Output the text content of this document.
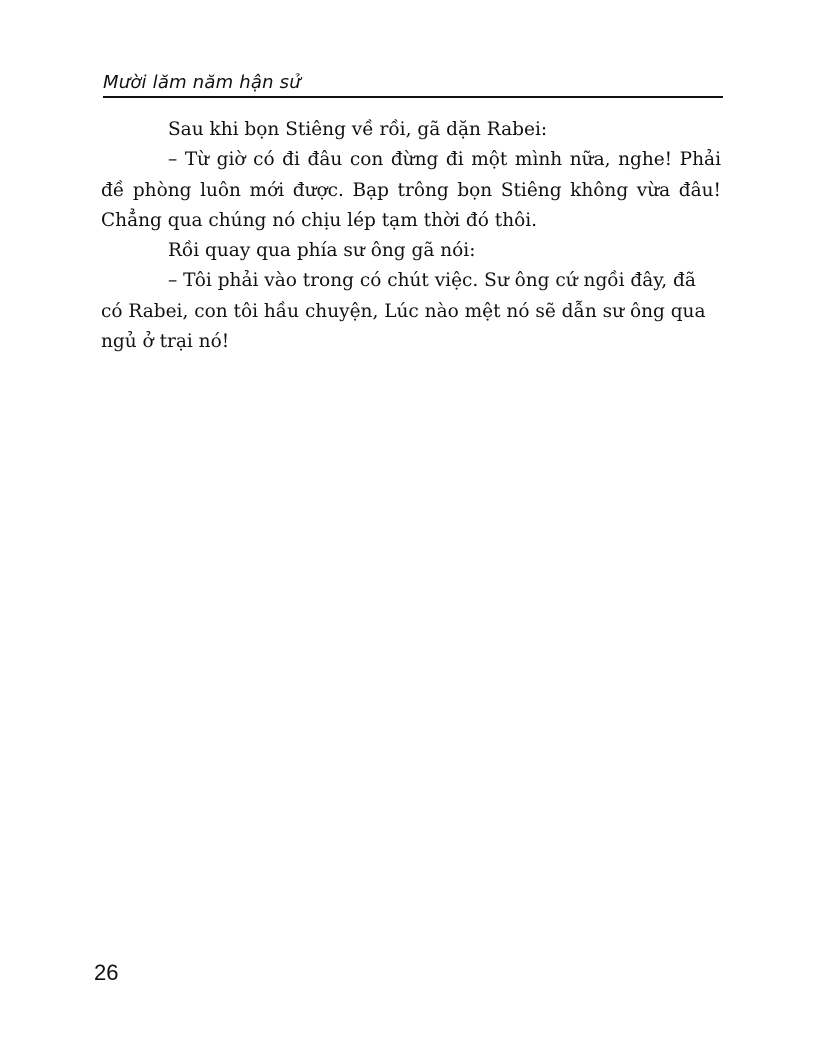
Mười lăm năm hận sử

Sau khi bọn Stiêng về rồi, gã dặn Rabei:

– Từ giờ có đi đâu con đừng đi một mình nữa, nghe! Phải đề phòng luôn mới được. Bạp trông bọn Stiêng không vừa đâu! Chẳng qua chúng nó chịu lép tạm thời đó thôi.

Rồi quay qua phía sư ông gã nói:

– Tôi phải vào trong có chút việc. Sư ông cứ ngồi đây, đã có Rabei, con tôi hầu chuyện, Lúc nào mệt nó sẽ dẫn sư ông qua ngủ ở trại nó!

26
